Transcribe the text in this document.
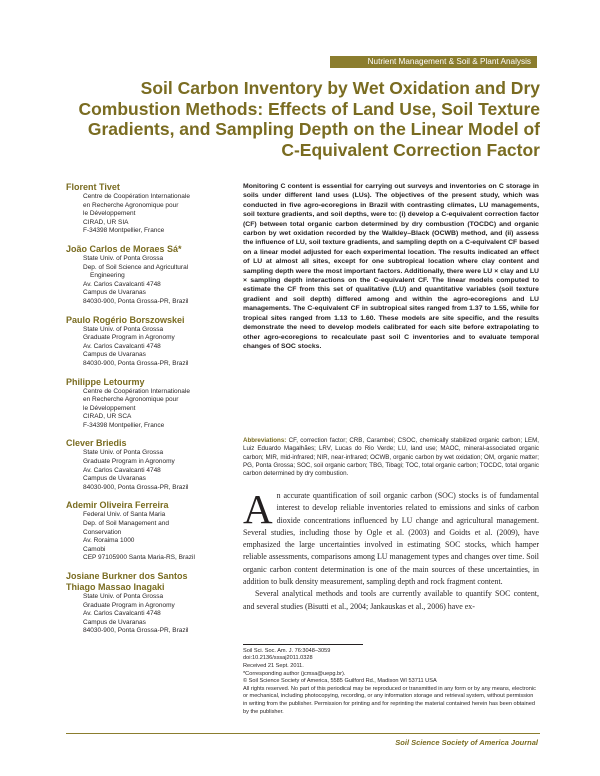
Nutrient Management & Soil & Plant Analysis
Soil Carbon Inventory by Wet Oxidation and Dry
Combustion Methods: Effects of Land Use, Soil Texture
Gradients, and Sampling Depth on the Linear Model of
C-Equivalent Correction Factor
Florent Tivet
Centre de Coopération Internationale
en Recherche Agronomique pour
le Développement
CIRAD, UR SIA
F-34398 Montpellier, France
João Carlos de Moraes Sá*
State Univ. of Ponta Grossa
Dep. of Soil Science and Agricultural
Engineering
Av. Carlos Cavalcanti 4748
Campus de Uvaranas
84030-900, Ponta Grossa-PR, Brazil
Paulo Rogério Borszowskei
State Univ. of Ponta Grossa
Graduate Program in Agronomy
Av. Carlos Cavalcanti 4748
Campus de Uvaranas
84030-900, Ponta Grossa-PR, Brazil
Philippe Letourmy
Centre de Coopération Internationale
en Recherche Agronomique pour
le Développement
CIRAD, UR SCA
F-34398 Montpellier, France
Clever Briedis
State Univ. of Ponta Grossa
Graduate Program in Agronomy
Av. Carlos Cavalcanti 4748
Campus de Uvaranas
84030-900, Ponta Grossa-PR, Brazil
Ademir Oliveira Ferreira
Federal Univ. of Santa Maria
Dep. of Soil Management and
Conservation
Av. Roraima 1000
Camobi
CEP 97105900 Santa Maria-RS, Brazil
Josiane Burkner dos Santos
Thiago Massao Inagaki
State Univ. of Ponta Grossa
Graduate Program in Agronomy
Av. Carlos Cavalcanti 4748
Campus de Uvaranas
84030-900, Ponta Grossa-PR, Brazil
Monitoring C content is essential for carrying out surveys and inventories on C storage in soils under different land uses (LUs). The objectives of the present study, which was conducted in five agro-ecoregions in Brazil with contrasting climates, LU managements, soil texture gradients, and soil depths, were to: (i) develop a C-equivalent correction factor (CF) between total organic carbon determined by dry combustion (TOCDC) and organic carbon by wet oxidation recorded by the Walkley–Black (OCWB) method, and (ii) assess the influence of LU, soil texture gradients, and sampling depth on a C-equivalent CF based on a linear model adjusted for each experimental location. The results indicated an effect of LU at almost all sites, except for one subtropical location where clay content and sampling depth were the most important factors. Additionally, there were LU × clay and LU × sampling depth interactions on the C-equivalent CF. The linear models computed to estimate the CF from this set of qualitative (LU) and quantitative variables (soil texture gradient and soil depth) differed among and within the agro-ecoregions and LU managements. The C-equivalent CF in subtropical sites ranged from 1.37 to 1.55, while for tropical sites ranged from 1.13 to 1.60. These models are site specific, and the results demonstrate the need to develop models calibrated for each site before extrapolating to other agro-ecoregions to recalculate past soil C inventories and to evaluate temporal changes of SOC stocks.
Abbreviations: CF, correction factor; CRB, Carambeí; CSOC, chemically stabilized organic carbon; LEM, Luiz Eduardo Magalhães; LRV, Lucas do Rio Verde; LU, land use; MAOC, mineral-associated organic carbon; MIR, mid-infrared; NIR, near-infrared; OCWB, organic carbon by wet oxidation; OM, organic matter; PG, Ponta Grossa; SOC, soil organic carbon; TBG, Tibagi; TOC, total organic carbon; TOCDC, total organic carbon determined by dry combustion.

An accurate quantification of soil organic carbon (SOC) stocks is of fundamental interest to develop reliable inventories related to emissions and sinks of carbon dioxide concentrations influenced by LU change and agricultural management. Several studies, including those by Ogle et al. (2003) and Goidts et al. (2009), have emphasized the large uncertainties involved in estimating SOC stocks, which hamper reliable assessments, comparisons among LU management types and changes over time. Soil organic carbon content determination is one of the main sources of these uncertainties, in addition to bulk density measurement, sampling depth and rock fragment content.

Several analytical methods and tools are currently available to quantify SOC content, and several studies (Bisutti et al., 2004; Jankauskas et al., 2006) have ex-

Soil Sci. Soc. Am. J. 76:3048–3059
doi:10.2136/sssaj2011.0328
Received 21 Sept. 2011.
*Corresponding author (jcmsa@uepg.br).
© Soil Science Society of America, 5585 Guilford Rd., Madison WI 53711 USA
All rights reserved. No part of this periodical may be reproduced or transmitted in any form or by any means, electronic or mechanical, including photocopying, recording, or any information storage and retrieval system, without permission in writing from the publisher. Permission for printing and for reprinting the material contained herein has been obtained by the publisher.
Soil Science Society of America Journal
